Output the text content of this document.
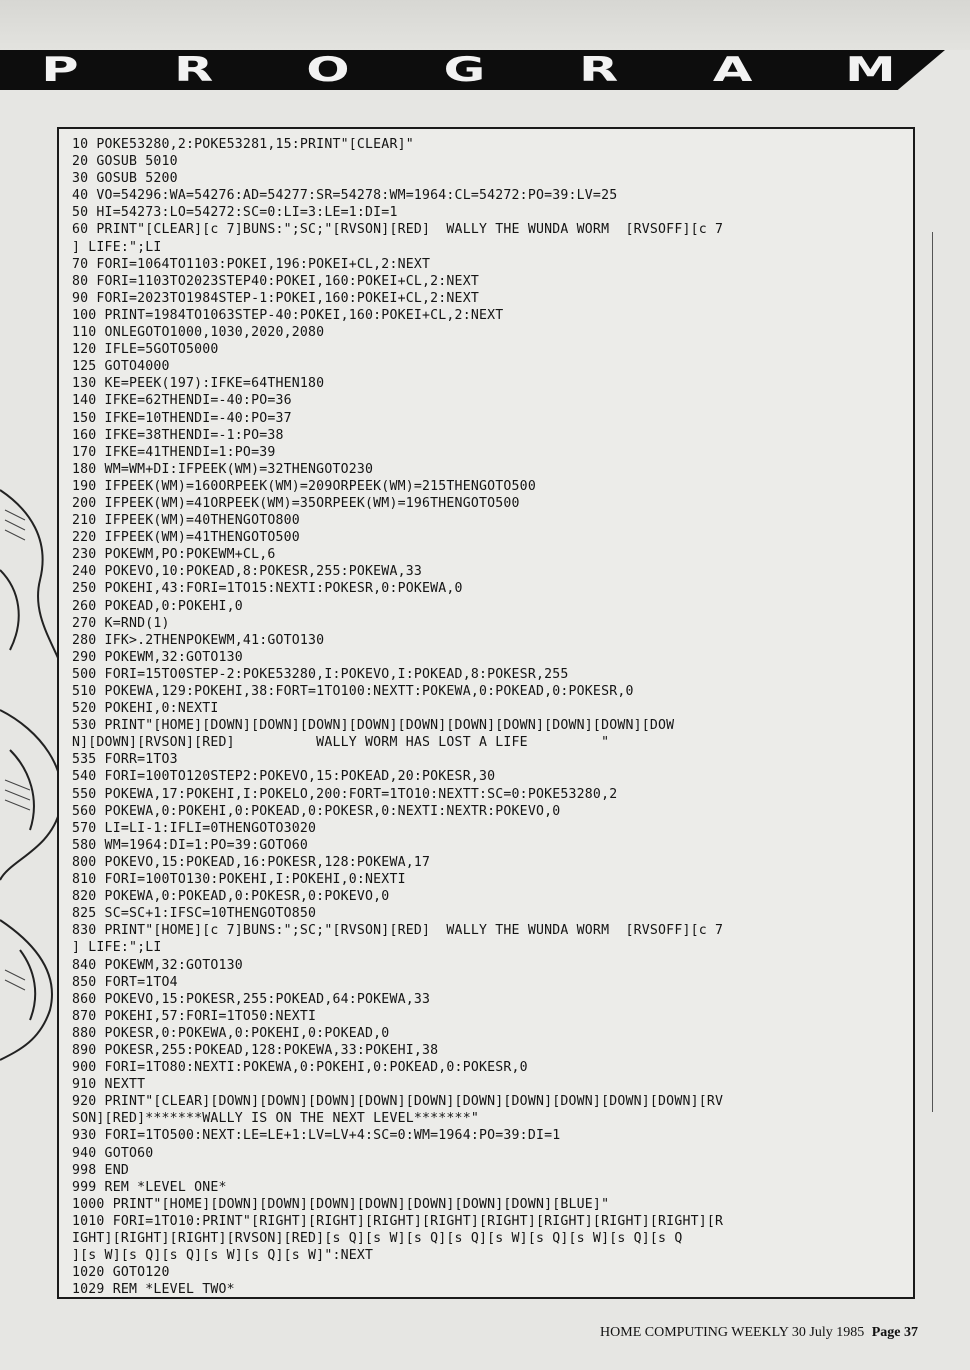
P	R	O	G	R	A	M
10 POKE53280,2:POKE53281,15:PRINT"[CLEAR]"
20 GOSUB 5010
30 GOSUB 5200
40 VO=54296:WA=54276:AD=54277:SR=54278:WM=1964:CL=54272:PO=39:LV=25
50 HI=54273:LO=54272:SC=0:LI=3:LE=1:DI=1
60 PRINT"[CLEAR][c 7]BUNS:";SC;"[RVSON][RED]  WALLY THE WUNDA WORM  [RVSOFF][c 7
] LIFE:";LI
70 FORI=1064TO1103:POKEI,196:POKEI+CL,2:NEXT
80 FORI=1103TO2023STEP40:POKEI,160:POKEI+CL,2:NEXT
90 FORI=2023TO1984STEP-1:POKEI,160:POKEI+CL,2:NEXT
100 PRINT=1984TO1063STEP-40:POKEI,160:POKEI+CL,2:NEXT
110 ONLEGOTO1000,1030,2020,2080
120 IFLE=5GOTO5000
125 GOTO4000
130 KE=PEEK(197):IFKE=64THEN180
140 IFKE=62THENDI=-40:PO=36
150 IFKE=10THENDI=-40:PO=37
160 IFKE=38THENDI=-1:PO=38
170 IFKE=41THENDI=1:PO=39
180 WM=WM+DI:IFPEEK(WM)=32THENGOTO230
190 IFPEEK(WM)=160ORPEEK(WM)=209ORPEEK(WM)=215THENGOTO500
200 IFPEEK(WM)=41ORPEEK(WM)=35ORPEEK(WM)=196THENGOTO500
210 IFPEEK(WM)=40THENGOTO800
220 IFPEEK(WM)=41THENGOTO500
230 POKEWM,PO:POKEWM+CL,6
240 POKEVO,10:POKEAD,8:POKESR,255:POKEWA,33
250 POKEHI,43:FORI=1TO15:NEXTI:POKESR,0:POKEWA,0
260 POKEAD,0:POKEHI,0
270 K=RND(1)
280 IFK>.2THENPOKEWM,41:GOTO130
290 POKEWM,32:GOTO130
500 FORI=15TO0STEP-2:POKE53280,I:POKEVO,I:POKEAD,8:POKESR,255
510 POKEWA,129:POKEHI,38:FORT=1TO100:NEXTT:POKEWA,0:POKEAD,0:POKESR,0
520 POKEHI,0:NEXTI
530 PRINT"[HOME][DOWN][DOWN][DOWN][DOWN][DOWN][DOWN][DOWN][DOWN][DOWN][DOW
N][DOWN][RVSON][RED]          WALLY WORM HAS LOST A LIFE         "
535 FORR=1TO3
540 FORI=100TO120STEP2:POKEVO,15:POKEAD,20:POKESR,30
550 POKEWA,17:POKEHI,I:POKELO,200:FORT=1TO10:NEXTT:SC=0:POKE53280,2
560 POKEWA,0:POKEHI,0:POKEAD,0:POKESR,0:NEXTI:NEXTR:POKEVO,0
570 LI=LI-1:IFLI=0THENGOTO3020
580 WM=1964:DI=1:PO=39:GOTO60
800 POKEVO,15:POKEAD,16:POKESR,128:POKEWA,17
810 FORI=100TO130:POKEHI,I:POKEHI,0:NEXTI
820 POKEWA,0:POKEAD,0:POKESR,0:POKEVO,0
825 SC=SC+1:IFSC=10THENGOTO850
830 PRINT"[HOME][c 7]BUNS:";SC;"[RVSON][RED]  WALLY THE WUNDA WORM  [RVSOFF][c 7
] LIFE:";LI
840 POKEWM,32:GOTO130
850 FORT=1TO4
860 POKEVO,15:POKESR,255:POKEAD,64:POKEWA,33
870 POKEHI,57:FORI=1TO50:NEXTI
880 POKESR,0:POKEWA,0:POKEHI,0:POKEAD,0
890 POKESR,255:POKEAD,128:POKEWA,33:POKEHI,38
900 FORI=1TO80:NEXTI:POKEWA,0:POKEHI,0:POKEAD,0:POKESR,0
910 NEXTT
920 PRINT"[CLEAR][DOWN][DOWN][DOWN][DOWN][DOWN][DOWN][DOWN][DOWN][DOWN][DOWN][RV
SON][RED]*******WALLY IS ON THE NEXT LEVEL*******"
930 FORI=1TO500:NEXT:LE=LE+1:LV=LV+4:SC=0:WM=1964:PO=39:DI=1
940 GOTO60
998 END
999 REM *LEVEL ONE*
1000 PRINT"[HOME][DOWN][DOWN][DOWN][DOWN][DOWN][DOWN][DOWN][BLUE]"
1010 FORI=1TO10:PRINT"[RIGHT][RIGHT][RIGHT][RIGHT][RIGHT][RIGHT][RIGHT][RIGHT][R
IGHT][RIGHT][RIGHT][RVSON][RED][s Q][s W][s Q][s Q][s W][s Q][s W][s Q][s Q
][s W][s Q][s Q][s W][s Q][s W]":NEXT
1020 GOTO120
1029 REM *LEVEL TWO*
HOME COMPUTING WEEKLY 30 July 1985 Page 37
